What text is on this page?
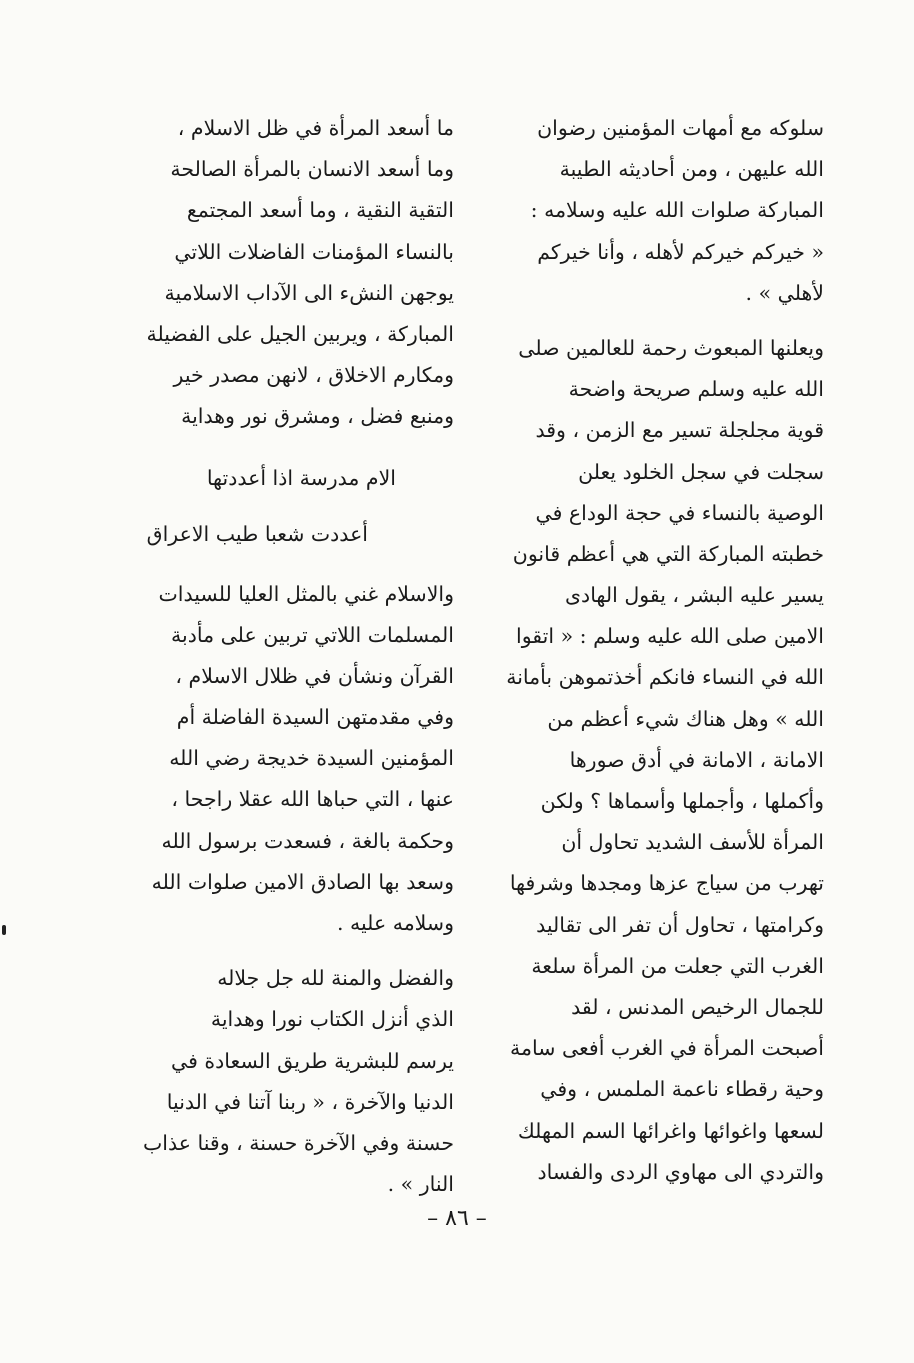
سلوكه مع أمهات المؤمنين رضوان
الله عليهن ، ومن أحاديثه الطيبة
المباركة صلوات الله عليه وسلامه :
« خيركم خيركم لأهله ، وأنا خيركم
لأهلي » .
ويعلنها المبعوث رحمة للعالمين صلى
الله عليه وسلم صريحة واضحة
قوية مجلجلة تسير مع الزمن ، وقد
سجلت في سجل الخلود يعلن
الوصية بالنساء في حجة الوداع في
خطبته المباركة التي هي أعظم قانون
يسير عليه البشر ، يقول الهادى
الامين صلى الله عليه وسلم : « اتقوا
الله في النساء فانكم أخذتموهن بأمانة
الله » وهل هناك شيء أعظم من
الامانة ، الامانة في أدق صورها
وأكملها ، وأجملها وأسماها ؟ ولكن
المرأة للأسف الشديد تحاول أن
تهرب من سياج عزها ومجدها وشرفها
وكرامتها ، تحاول أن تفر الى تقاليد
الغرب التي جعلت من المرأة سلعة
للجمال الرخيص المدنس ، لقد
أصبحت المرأة في الغرب أفعى سامة
وحية رقطاء ناعمة الملمس ، وفي
لسعها واغوائها واغرائها السم المهلك
والتردي الى مهاوي الردى والفساد
ما أسعد المرأة في ظل الاسلام ،
وما أسعد الانسان بالمرأة الصالحة
التقية النقية ، وما أسعد المجتمع
بالنساء المؤمنات الفاضلات اللاتي
يوجهن النشء الى الآداب الاسلامية
المباركة ، ويربين الجيل على الفضيلة
ومكارم الاخلاق ، لانهن مصدر خير
ومنبع فضل ، ومشرق نور وهداية
الام مدرسة اذا أعددتها
أعددت شعبا طيب الاعراق
والاسلام غني بالمثل العليا للسيدات
المسلمات اللاتي تربين على مأدبة
القرآن ونشأن في ظلال الاسلام ،
وفي مقدمتهن السيدة الفاضلة أم
المؤمنين السيدة خديجة رضي الله
عنها ، التي حباها الله عقلا راجحا ،
وحكمة بالغة ، فسعدت برسول الله
وسعد بها الصادق الامين صلوات الله
وسلامه عليه .
والفضل والمنة لله جل جلاله
الذي أنزل الكتاب نورا وهداية
يرسم للبشرية طريق السعادة في
الدنيا والآخرة ، « ربنا آتنا في الدنيا
حسنة وفي الآخرة حسنة ، وقنا عذاب
النار » .
– ٨٦ –
